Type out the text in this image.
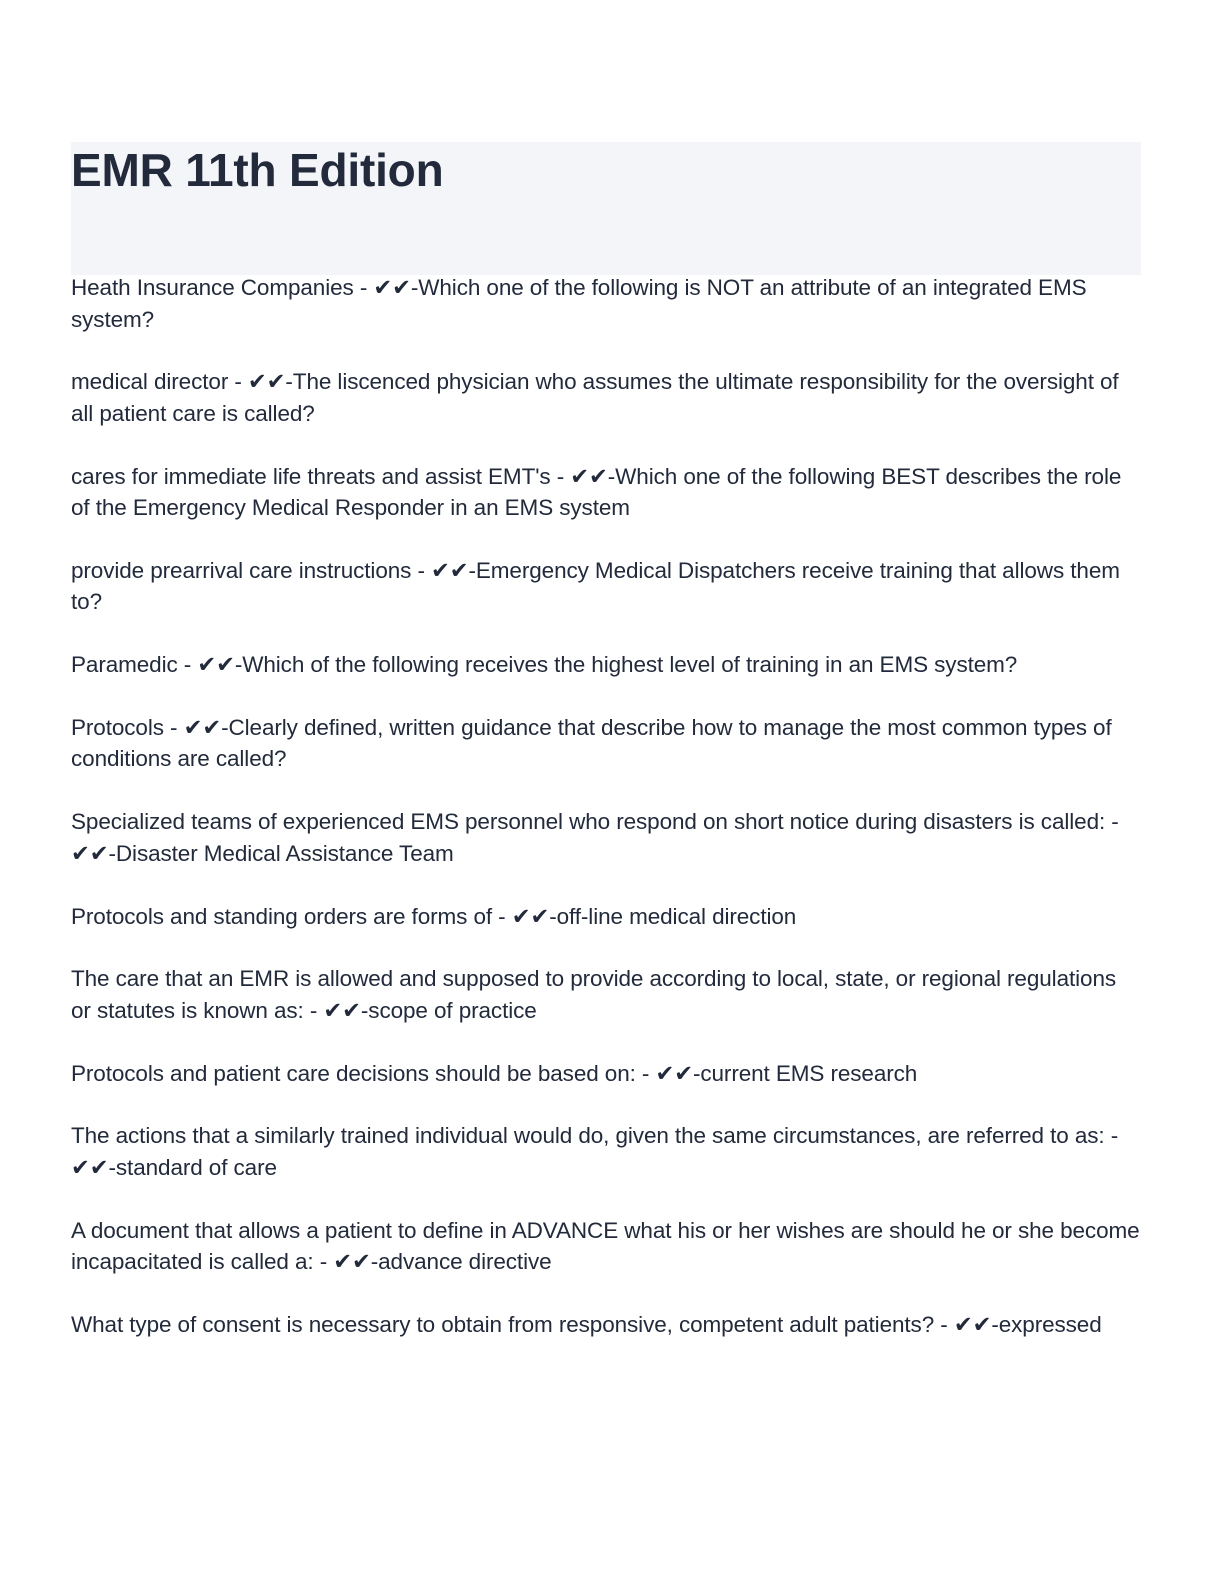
EMR 11th Edition

Heath Insurance Companies - ✔✔-Which one of the following is NOT an attribute of an integrated EMS system?

medical director - ✔✔-The liscenced physician who assumes the ultimate responsibility for the oversight of all patient care is called?

cares for immediate life threats and assist EMT's - ✔✔-Which one of the following BEST describes the role of the Emergency Medical Responder in an EMS system

provide prearrival care instructions - ✔✔-Emergency Medical Dispatchers receive training that allows them to?

Paramedic - ✔✔-Which of the following receives the highest level of training in an EMS system?

Protocols - ✔✔-Clearly defined, written guidance that describe how to manage the most common types of conditions are called?

Specialized teams of experienced EMS personnel who respond on short notice during disasters is called: - ✔✔-Disaster Medical Assistance Team

Protocols and standing orders are forms of - ✔✔-off-line medical direction

The care that an EMR is allowed and supposed to provide according to local, state, or regional regulations or statutes is known as: - ✔✔-scope of practice

Protocols and patient care decisions should be based on: - ✔✔-current EMS research

The actions that a similarly trained individual would do, given the same circumstances, are referred to as: - ✔✔-standard of care

A document that allows a patient to define in ADVANCE what his or her wishes are should he or she become incapacitated is called a: - ✔✔-advance directive

What type of consent is necessary to obtain from responsive, competent adult patients? - ✔✔-expressed
